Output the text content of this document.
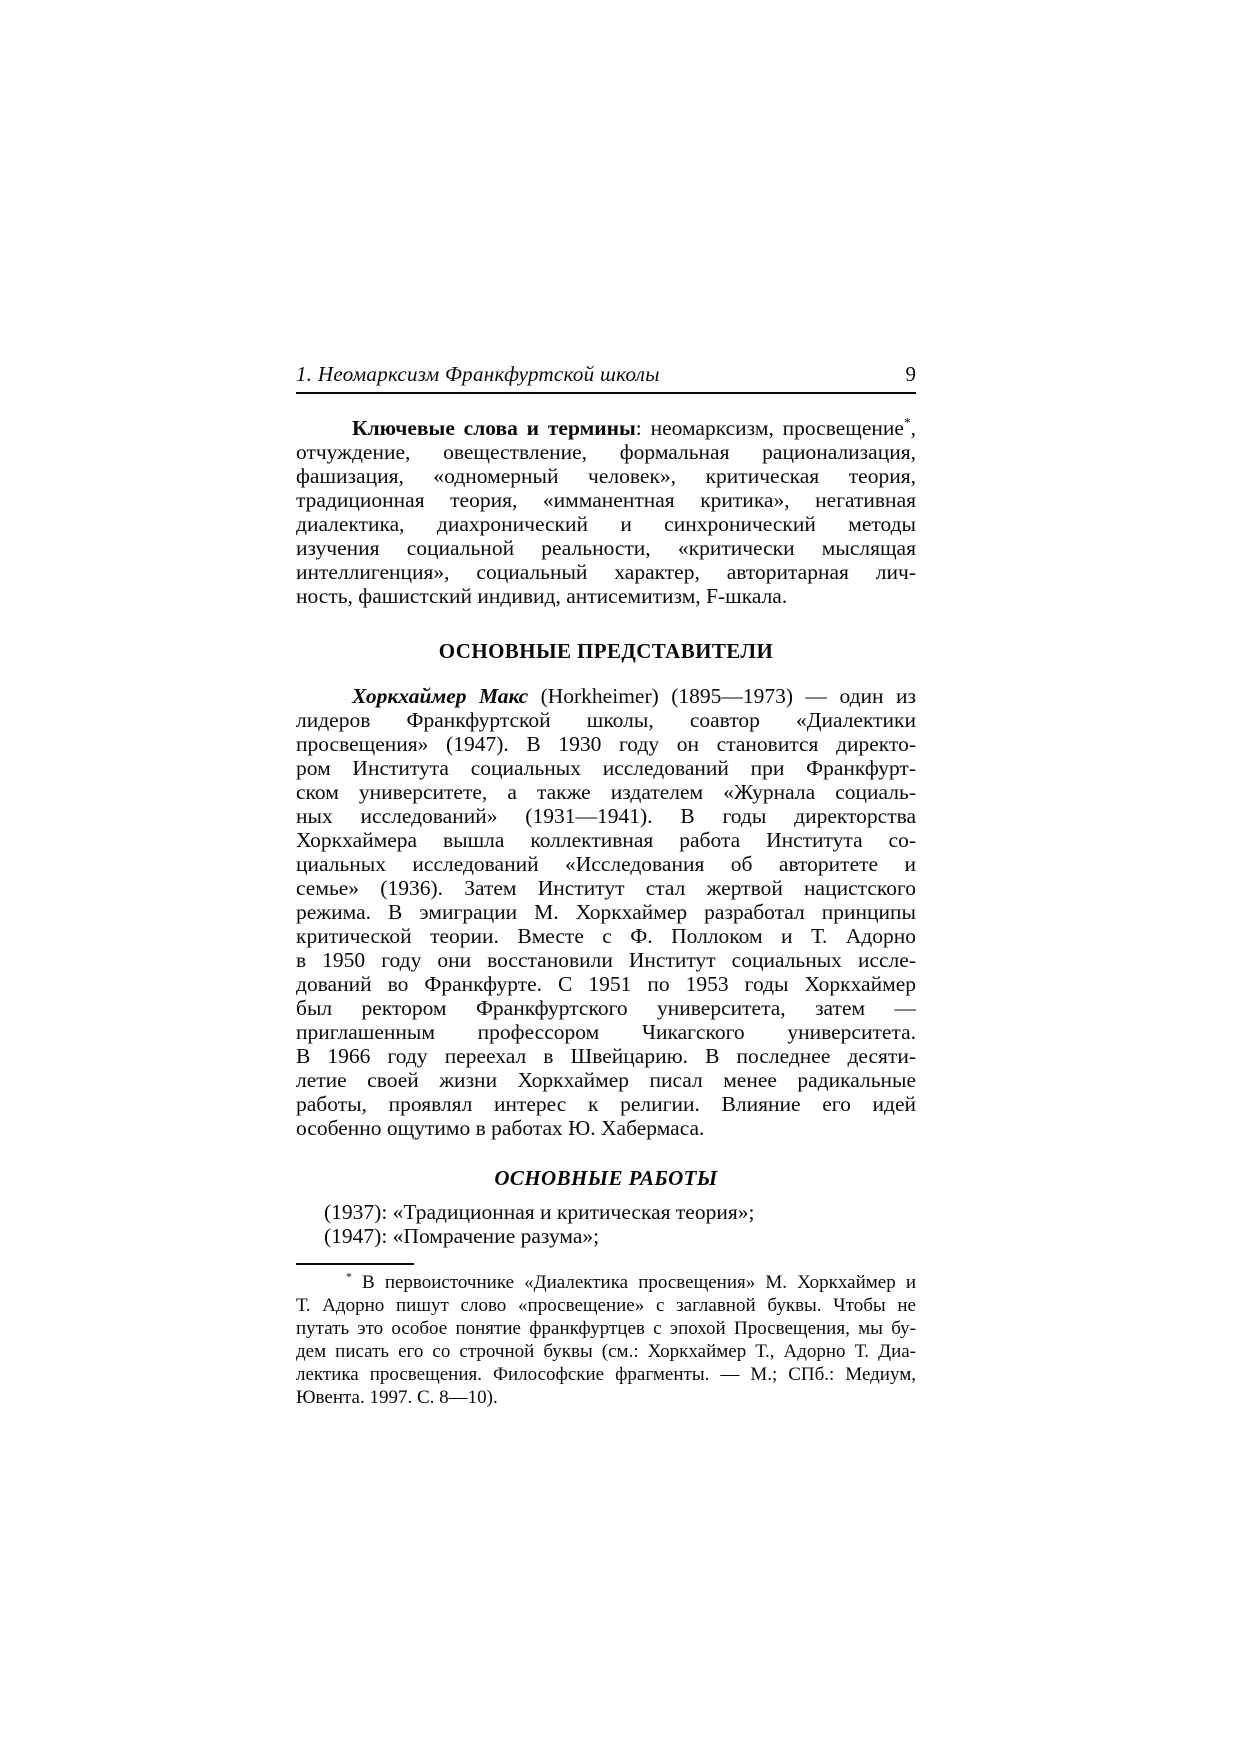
1. Неомарксизм Франкфуртской школы	9
Ключевые слова и термины: неомарксизм, просвещение*,
отчуждение, овеществление, формальная рационализация,
фашизация, «одномерный человек», критическая теория,
традиционная теория, «имманентная критика», негативная
диалектика, диахронический и синхронический методы
изучения социальной реальности, «критически мыслящая
интеллигенция», социальный характер, авторитарная лич-
ность, фашистский индивид, антисемитизм, F-шкала.
ОСНОВНЫЕ ПРЕДСТАВИТЕЛИ
Хоркхаймер Макс (Horkheimer) (1895—1973) — один из
лидеров Франкфуртской школы, соавтор «Диалектики
просвещения» (1947). В 1930 году он становится директо-
ром Института социальных исследований при Франкфурт-
ском университете, а также издателем «Журнала социаль-
ных исследований» (1931—1941). В годы директорства
Хоркхаймера вышла коллективная работа Института со-
циальных исследований «Исследования об авторитете и
семье» (1936). Затем Институт стал жертвой нацистского
режима. В эмиграции М. Хоркхаймер разработал принципы
критической теории. Вместе с Ф. Поллоком и Т. Адорно
в 1950 году они восстановили Институт социальных иссле-
дований во Франкфурте. С 1951 по 1953 годы Хоркхаймер
был ректором Франкфуртского университета, затем —
приглашенным профессором Чикагского университета.
В 1966 году переехал в Швейцарию. В последнее десяти-
летие своей жизни Хоркхаймер писал менее радикальные
работы, проявлял интерес к религии. Влияние его идей
особенно ощутимо в работах Ю. Хабермаса.
ОСНОВНЫЕ РАБОТЫ
(1937): «Традиционная и критическая теория»;
(1947): «Помрачение разума»;
* В первоисточнике «Диалектика просвещения» М. Хоркхаймер и
Т. Адорно пишут слово «просвещение» с заглавной буквы. Чтобы не
путать это особое понятие франкфуртцев с эпохой Просвещения, мы бу-
дем писать его со строчной буквы (см.: Хоркхаймер Т., Адорно Т. Диа-
лектика просвещения. Философские фрагменты. — М.; СПб.: Медиум,
Ювента. 1997. С. 8—10).
